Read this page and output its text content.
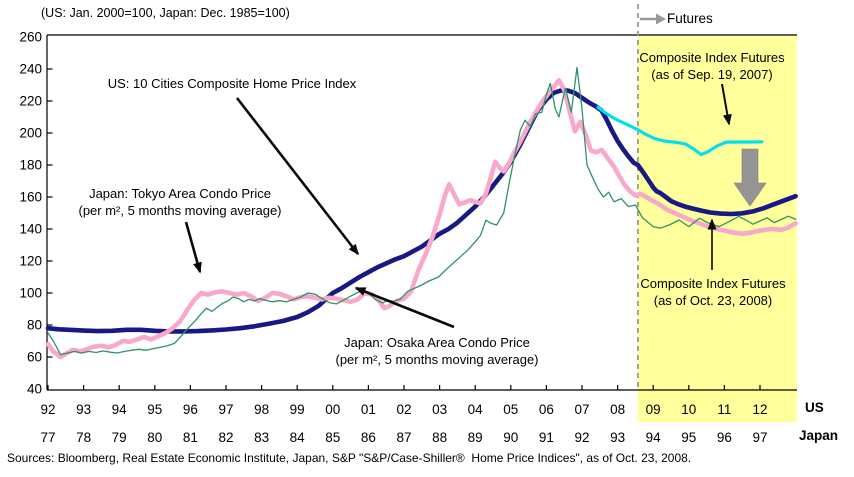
40
60
80
100
120
140
160
180
200
220
240
260
92
77
93
78
94
79
95
80
96
81
97
82
98
83
99
84
00
85
01
86
02
87
03
88
04
89
05
90
06
91
07
92
08
93
09
94
10
95
11
96
12
97
(US: Jan. 2000=100, Japan: Dec. 1985=100)	Futures
US: 10 Cities Composite Home Price Index
Japan: Tokyo Area Condo Price
(per m², 5 months moving average)
Japan: Osaka Area Condo Price
(per m², 5 months moving average)
Composite Index Futures
(as of Sep. 19, 2007)
Composite Index Futures
(as of Oct. 23, 2008)
US
Japan
Sources: Bloomberg, Real Estate Economic Institute, Japan, S&P "S&P/Case-Shiller®  Home Price Indices", as of Oct. 23, 2008.
